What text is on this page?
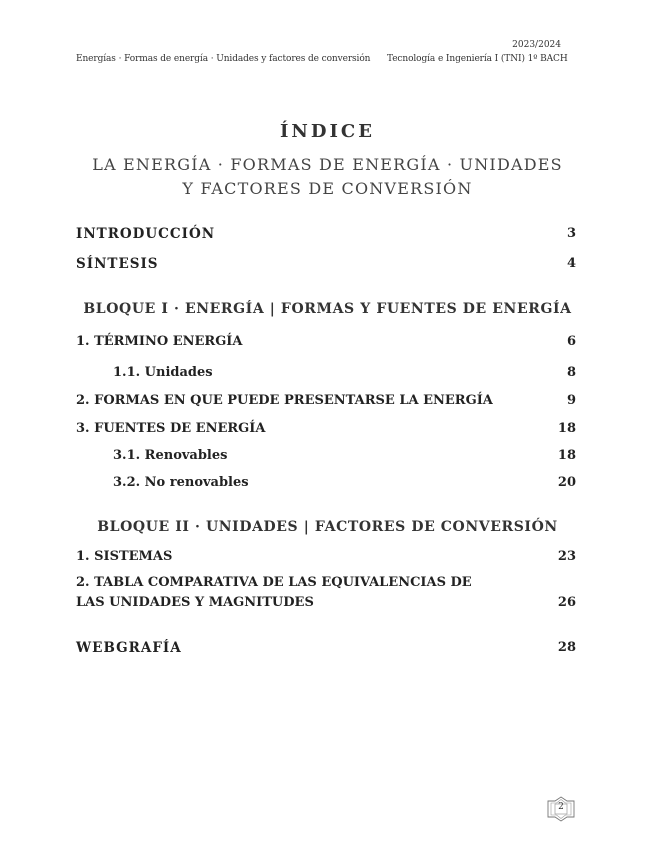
2023/2024
Energías · Formas de energía · Unidades y factores de conversión Tecnología e Ingeniería I (TNI) 1º BACH
ÍNDICE
LA ENERGÍA · FORMAS DE ENERGÍA · UNIDADES Y FACTORES DE CONVERSIÓN
INTRODUCCIÓN	3
SÍNTESIS	4
BLOQUE I · ENERGÍA | FORMAS Y FUENTES DE ENERGÍA
1. TÉRMINO ENERGÍA	6
1.1. Unidades	8
2. FORMAS EN QUE PUEDE PRESENTARSE LA ENERGÍA	9
3. FUENTES DE ENERGÍA	18
3.1. Renovables	18
3.2. No renovables	20
BLOQUE II · UNIDADES | FACTORES DE CONVERSIÓN
1. SISTEMAS	23
2. TABLA COMPARATIVA DE LAS EQUIVALENCIAS DE LAS UNIDADES Y MAGNITUDES	26
WEBGRAFÍA	28
2
